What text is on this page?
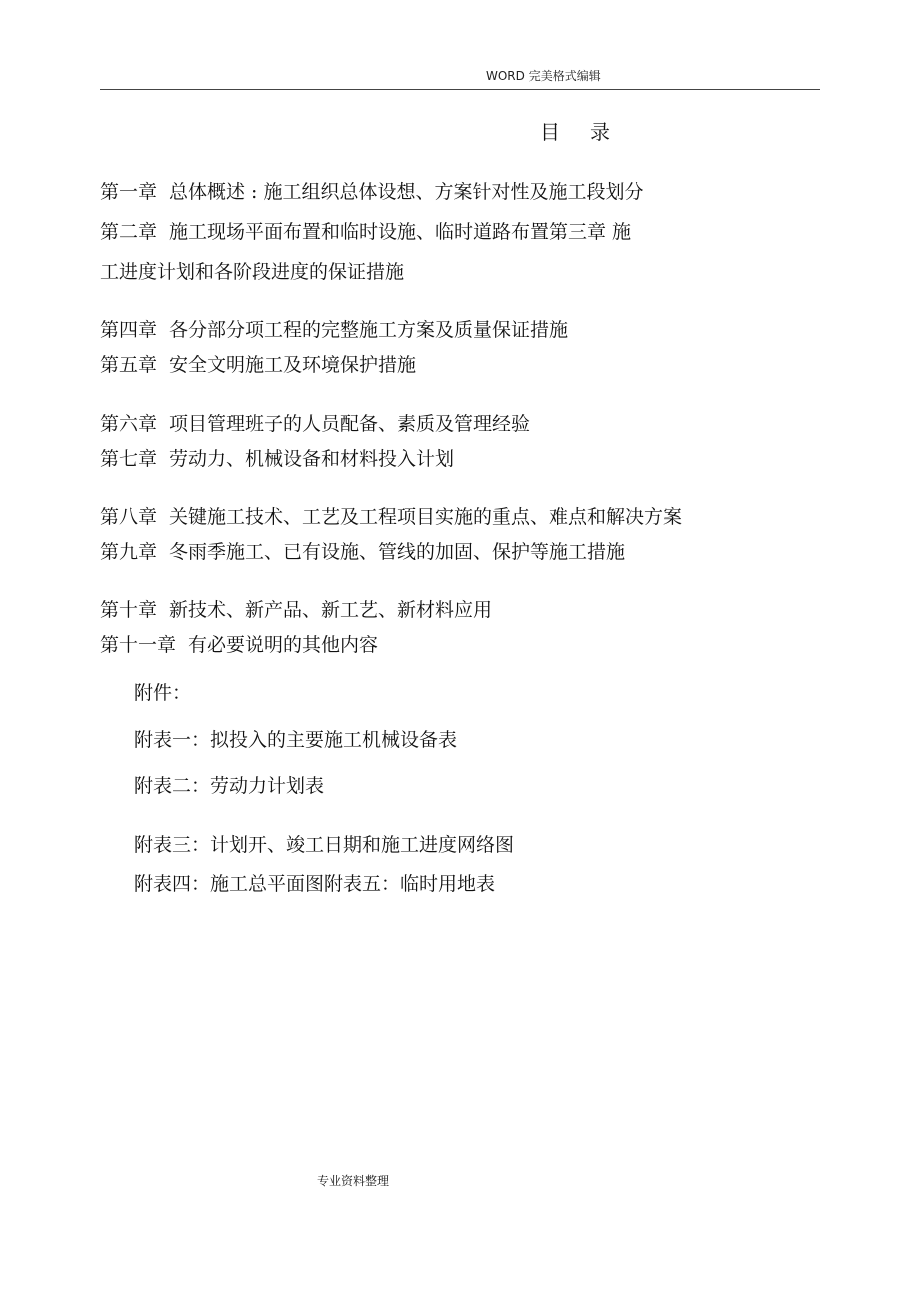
WORD 完美格式编辑
目录
第一章 总体概述 : 施工组织总体设想、方案针对性及施工段划分
第二章 施工现场平面布置和临时设施、临时道路布置第三章 施
工进度计划和各阶段进度的保证措施
第四章 各分部分项工程的完整施工方案及质量保证措施
第五章 安全文明施工及环境保护措施
第六章 项目管理班子的人员配备、素质及管理经验
第七章 劳动力、机械设备和材料投入计划
第八章 关键施工技术、工艺及工程项目实施的重点、难点和解决方案
第九章 冬雨季施工、已有设施、管线的加固、保护等施工措施
第十章 新技术、新产品、新工艺、新材料应用
第十一章 有必要说明的其他内容
附件：
附表一：拟投入的主要施工机械设备表
附表二：劳动力计划表
附表三：计划开、竣工日期和施工进度网络图
附表四：施工总平面图附表五：临时用地表
专业资料整理
